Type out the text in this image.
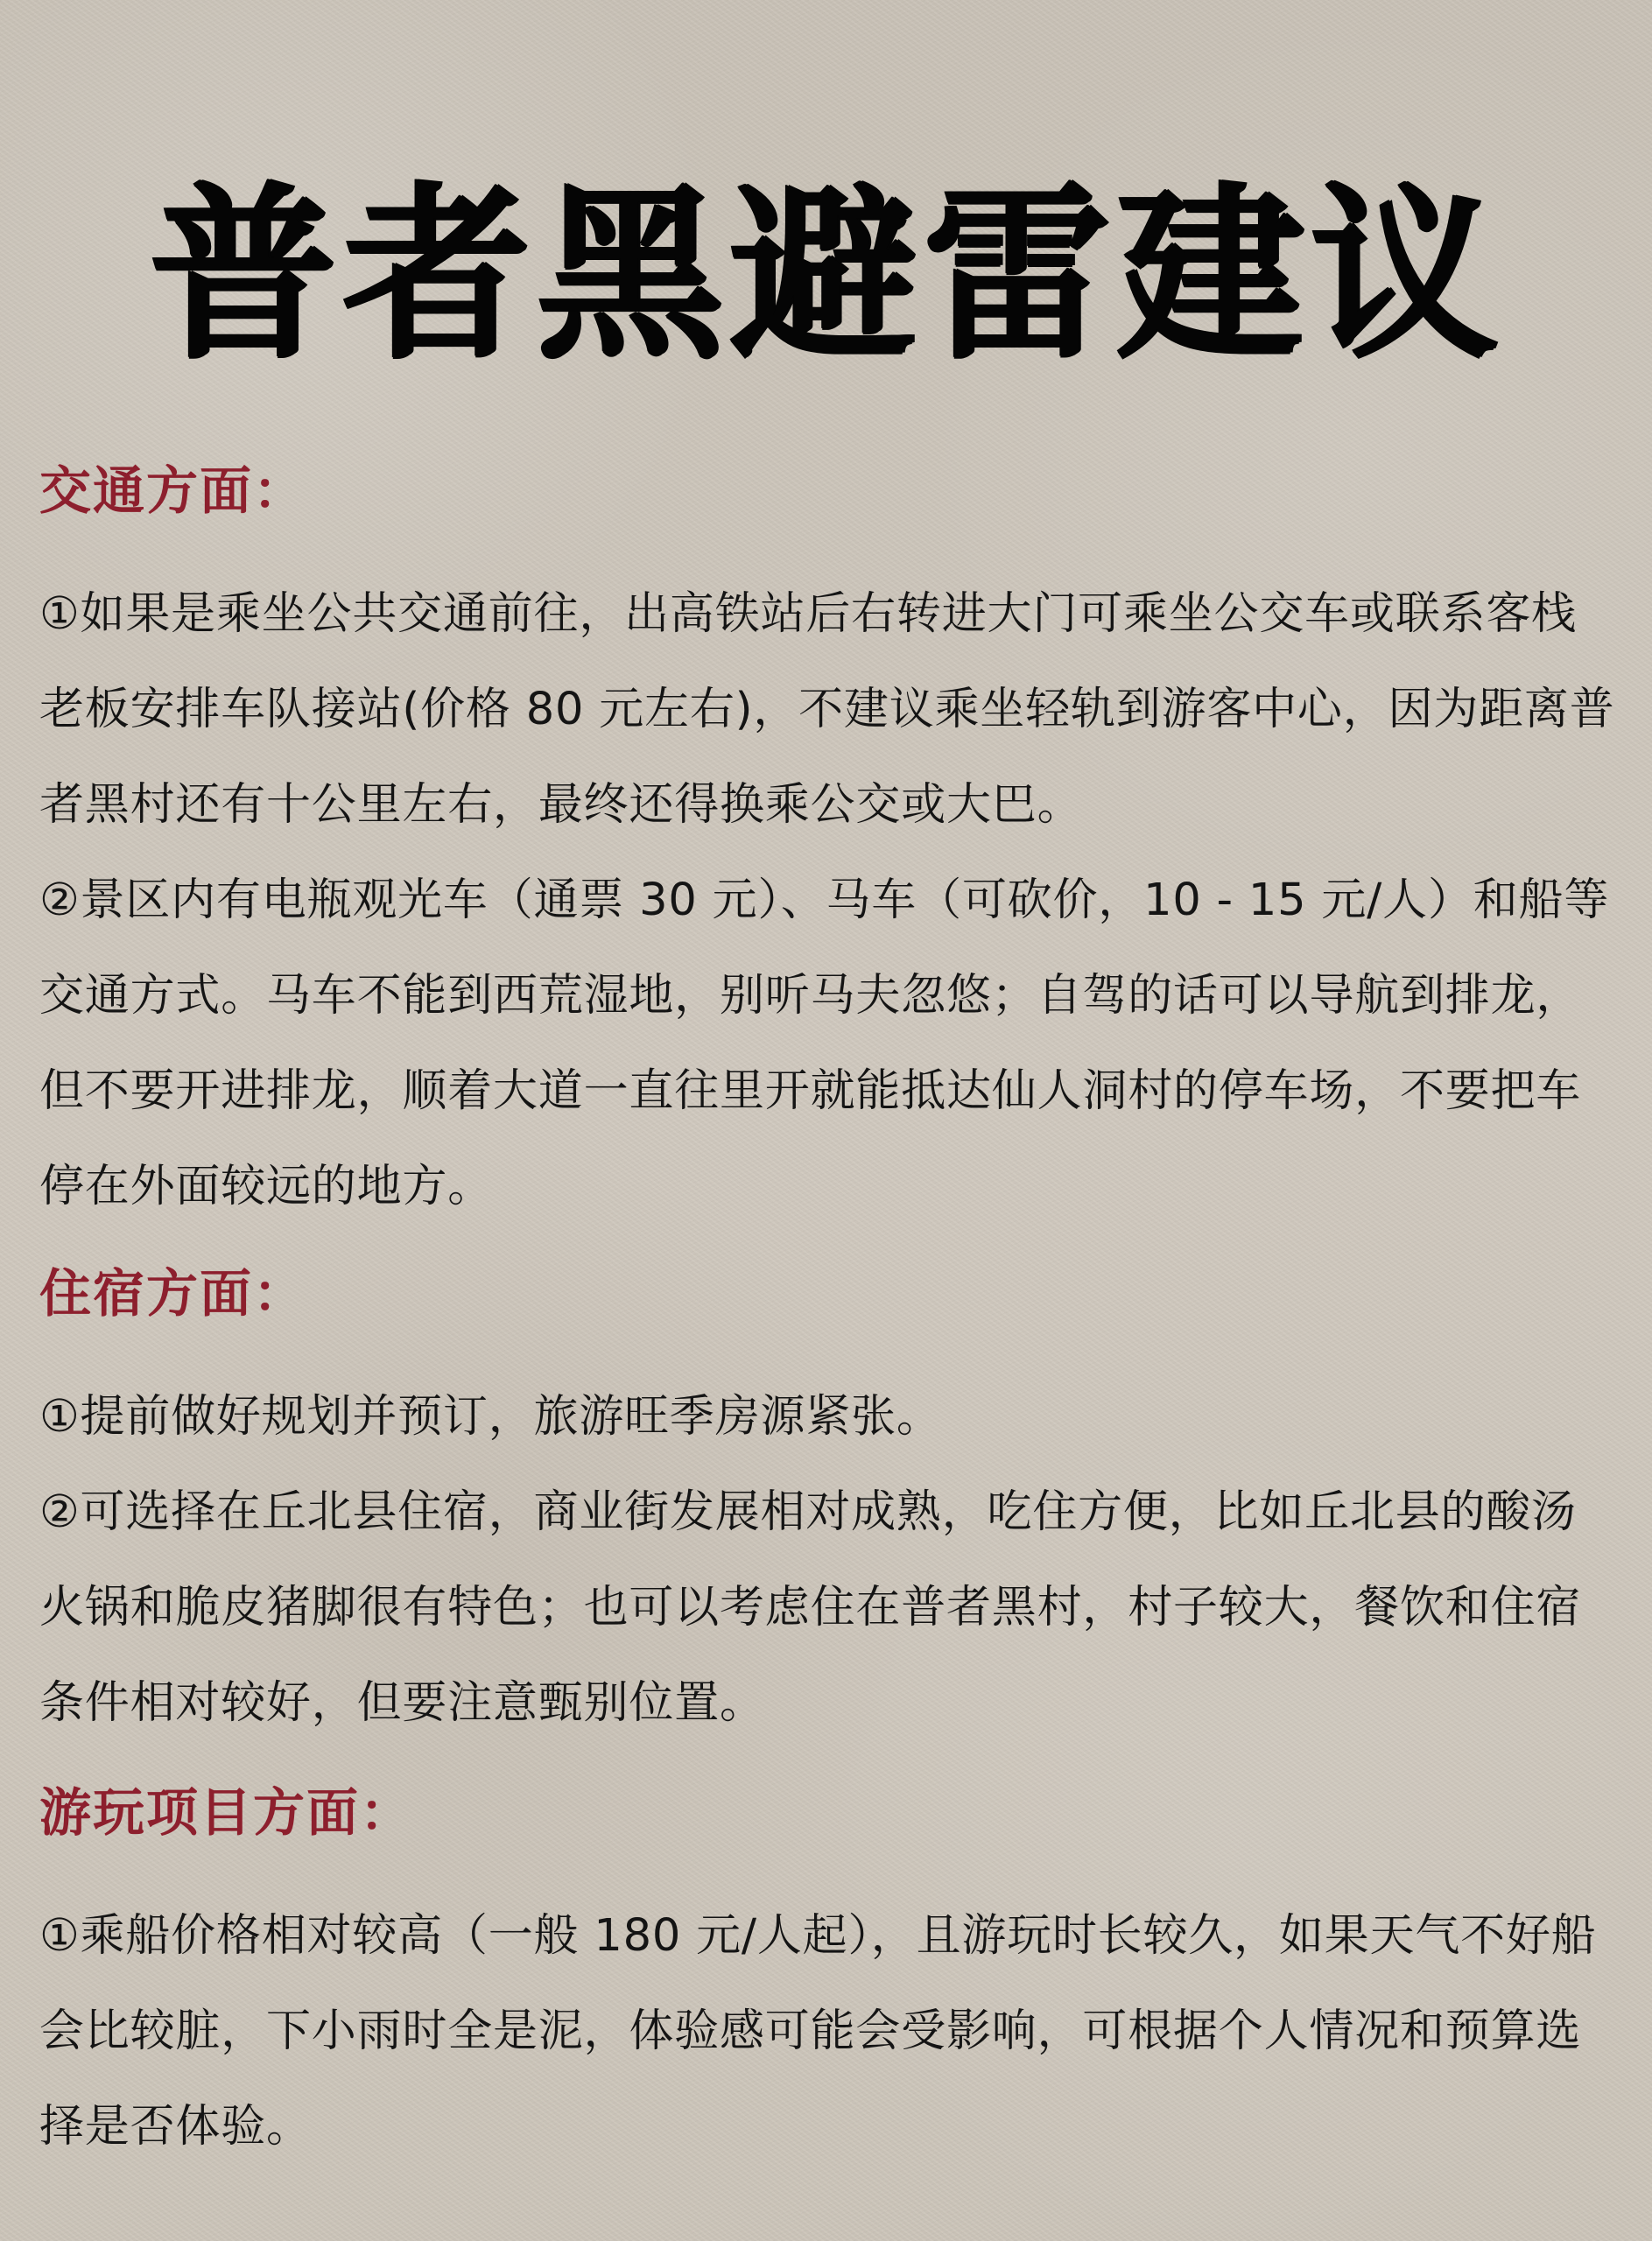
普者黑避雷建议
交通方面：

①如果是乘坐公共交通前往，出高铁站后右转进大门可乘坐公交车或联系客栈老板安排车队接站(价格 80 元左右)，不建议乘坐轻轨到游客中心，因为距离普者黑村还有十公里左右，最终还得换乘公交或大巴。

②景区内有电瓶观光车（通票 30 元）、马车（可砍价，10 - 15 元/人）和船等交通方式。马车不能到西荒湿地，别听马夫忽悠；自驾的话可以导航到排龙，但不要开进排龙，顺着大道一直往里开就能抵达仙人洞村的停车场，不要把车停在外面较远的地方。

住宿方面：

①提前做好规划并预订，旅游旺季房源紧张。

②可选择在丘北县住宿，商业街发展相对成熟，吃住方便，比如丘北县的酸汤火锅和脆皮猪脚很有特色；也可以考虑住在普者黑村，村子较大，餐饮和住宿条件相对较好，但要注意甄别位置。

游玩项目方面：

①乘船价格相对较高（一般 180 元/人起），且游玩时长较久，如果天气不好船会比较脏，下小雨时全是泥，体验感可能会受影响，可根据个人情况和预算选择是否体验。
